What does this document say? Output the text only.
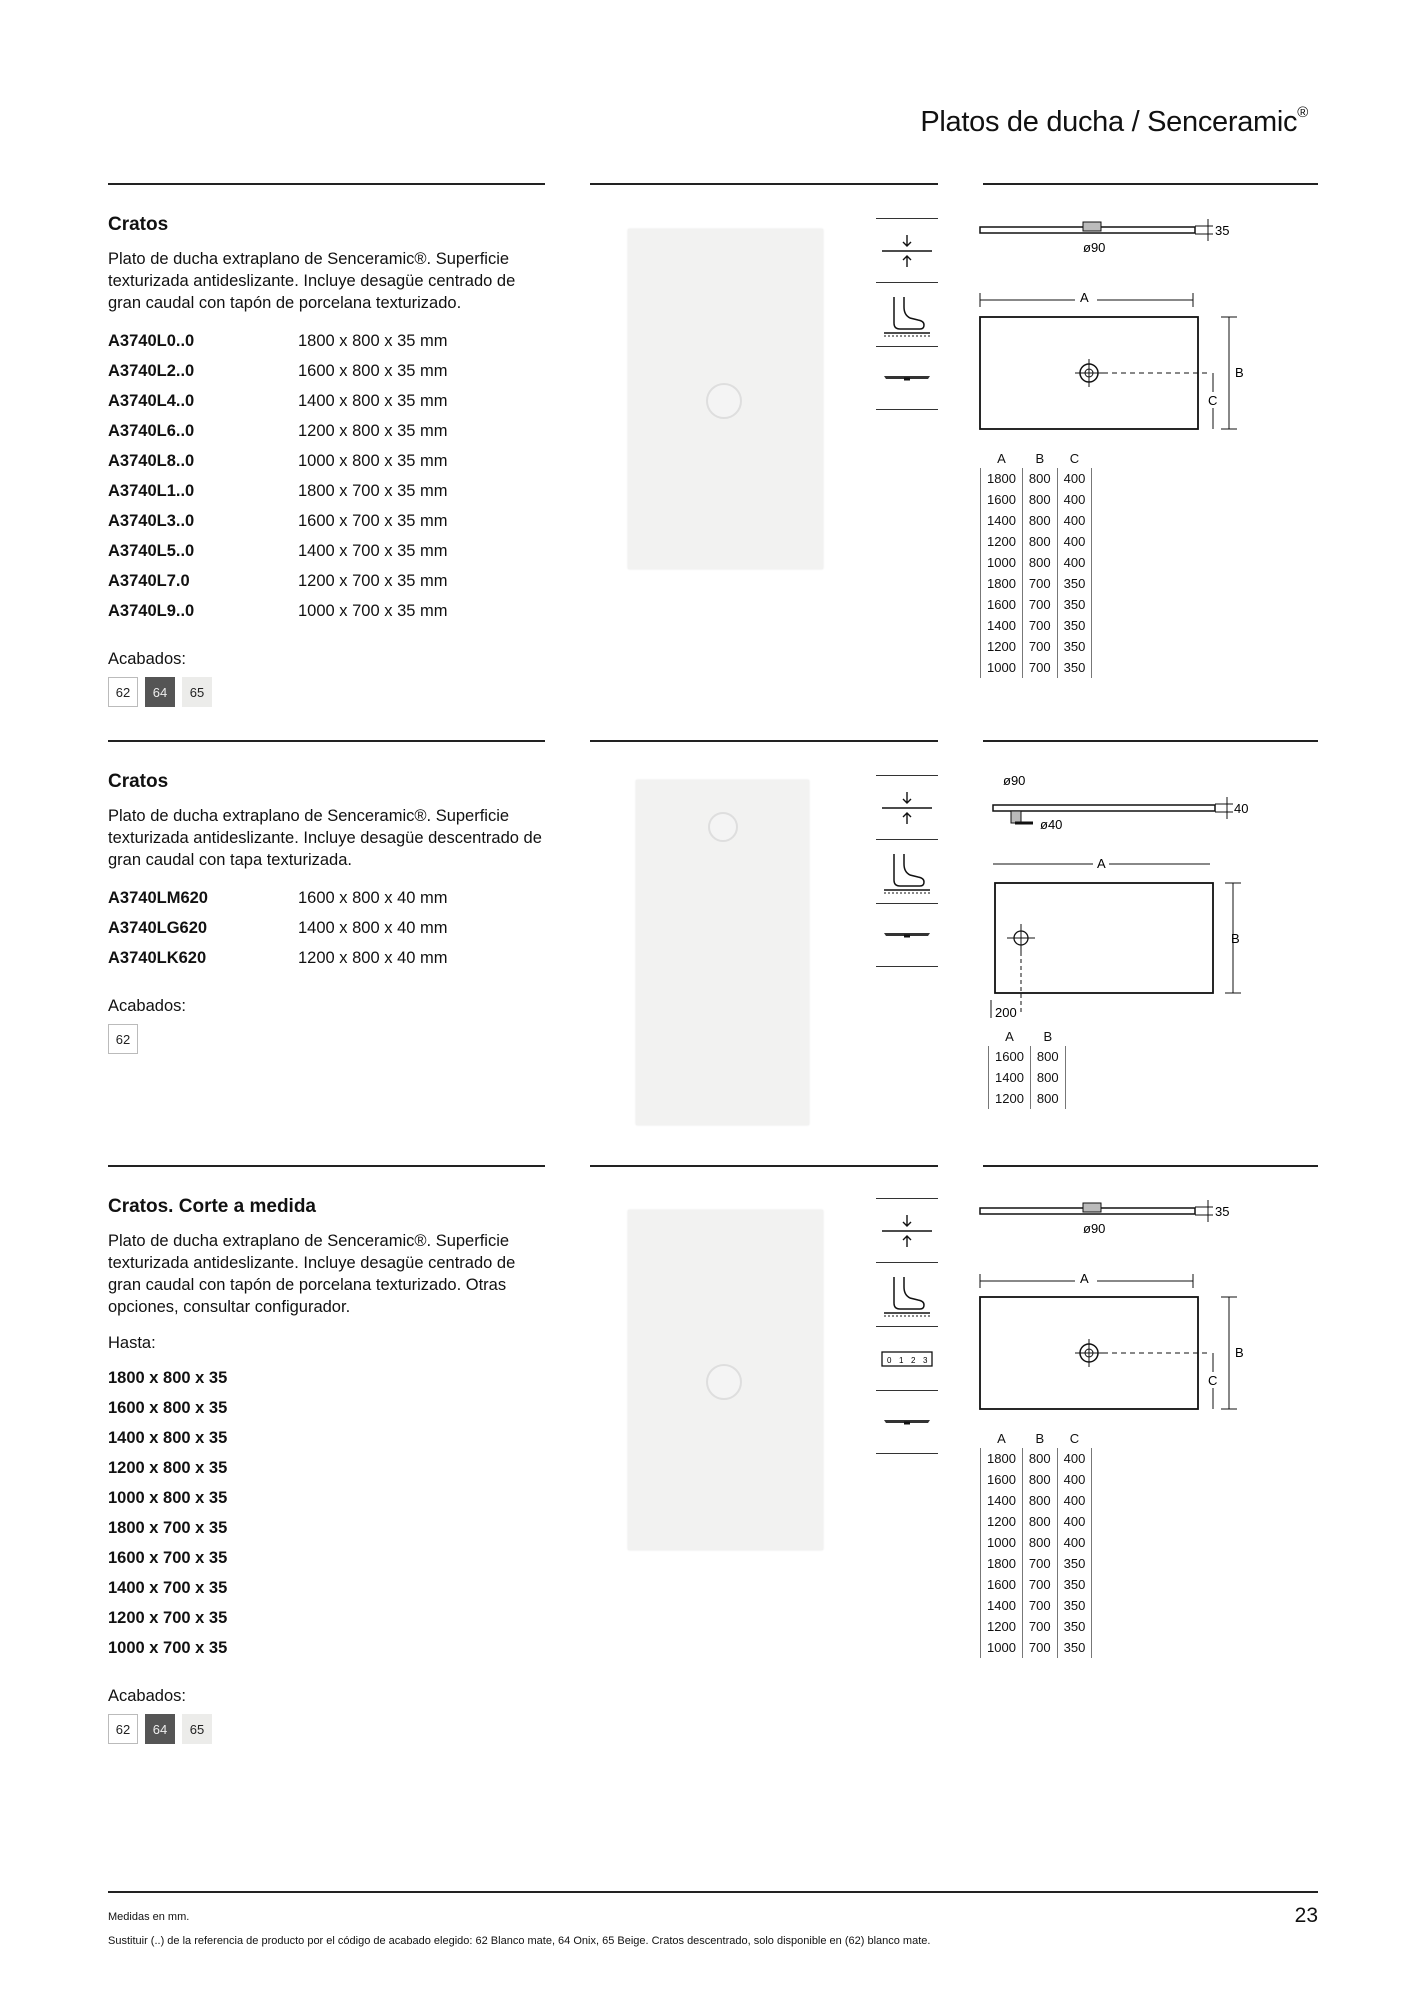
Platos de ducha / Senceramic®
Cratos
Plato de ducha extraplano de Senceramic®. Superficie texturizada antideslizante. Incluye desagüe centrado de gran caudal con tapón de porcelana texturizado.
A3740L0..0	1800 x 800 x 35 mm
A3740L2..0	1600 x 800 x 35 mm
A3740L4..0	1400 x 800 x 35 mm
A3740L6..0	1200 x 800 x 35 mm
A3740L8..0	1000 x 800 x 35 mm
A3740L1..0	1800 x 700 x 35 mm
A3740L3..0	1600 x 700 x 35 mm
A3740L5..0	1400 x 700 x 35 mm
A3740L7.0	1200 x 700 x 35 mm
A3740L9..0	1000 x 700 x 35 mm
Acabados:
62	64	65
35
ø90
A
B
C
A	B	C
1800	800	400
1600	800	400
1400	800	400
1200	800	400
1000	800	400
1800	700	350
1600	700	350
1400	700	350
1200	700	350
1000	700	350
Cratos
Plato de ducha extraplano de Senceramic®. Superficie texturizada antideslizante. Incluye desagüe descentrado de gran caudal con tapa texturizada.
A3740LM620	1600 x 800 x 40 mm
A3740LG620	1400 x 800 x 40 mm
A3740LK620	1200 x 800 x 40 mm
Acabados:
62
ø90
40
ø40
A
B
200
A	B
1600	800
1400	800
1200	800
Cratos. Corte a medida
Plato de ducha extraplano de Senceramic®. Superficie texturizada antideslizante. Incluye desagüe centrado de gran caudal con tapón de porcelana texturizado. Otras opciones, consultar configurador.
Hasta:
1800 x 800 x 35
1600 x 800 x 35
1400 x 800 x 35
1200 x 800 x 35
1000 x 800 x 35
1800 x 700 x 35
1600 x 700 x 35
1400 x 700 x 35
1200 x 700 x 35
1000 x 700 x 35
Acabados:
62	64	65
0 1 2 3
35
ø90
A
B
C
A	B	C
1800	800	400
1600	800	400
1400	800	400
1200	800	400
1000	800	400
1800	700	350
1600	700	350
1400	700	350
1200	700	350
1000	700	350
Medidas en mm.
Sustituir (..) de la referencia de producto por el código de acabado elegido: 62 Blanco mate, 64 Onix, 65 Beige. Cratos descentrado, solo disponible en (62) blanco mate.
23
